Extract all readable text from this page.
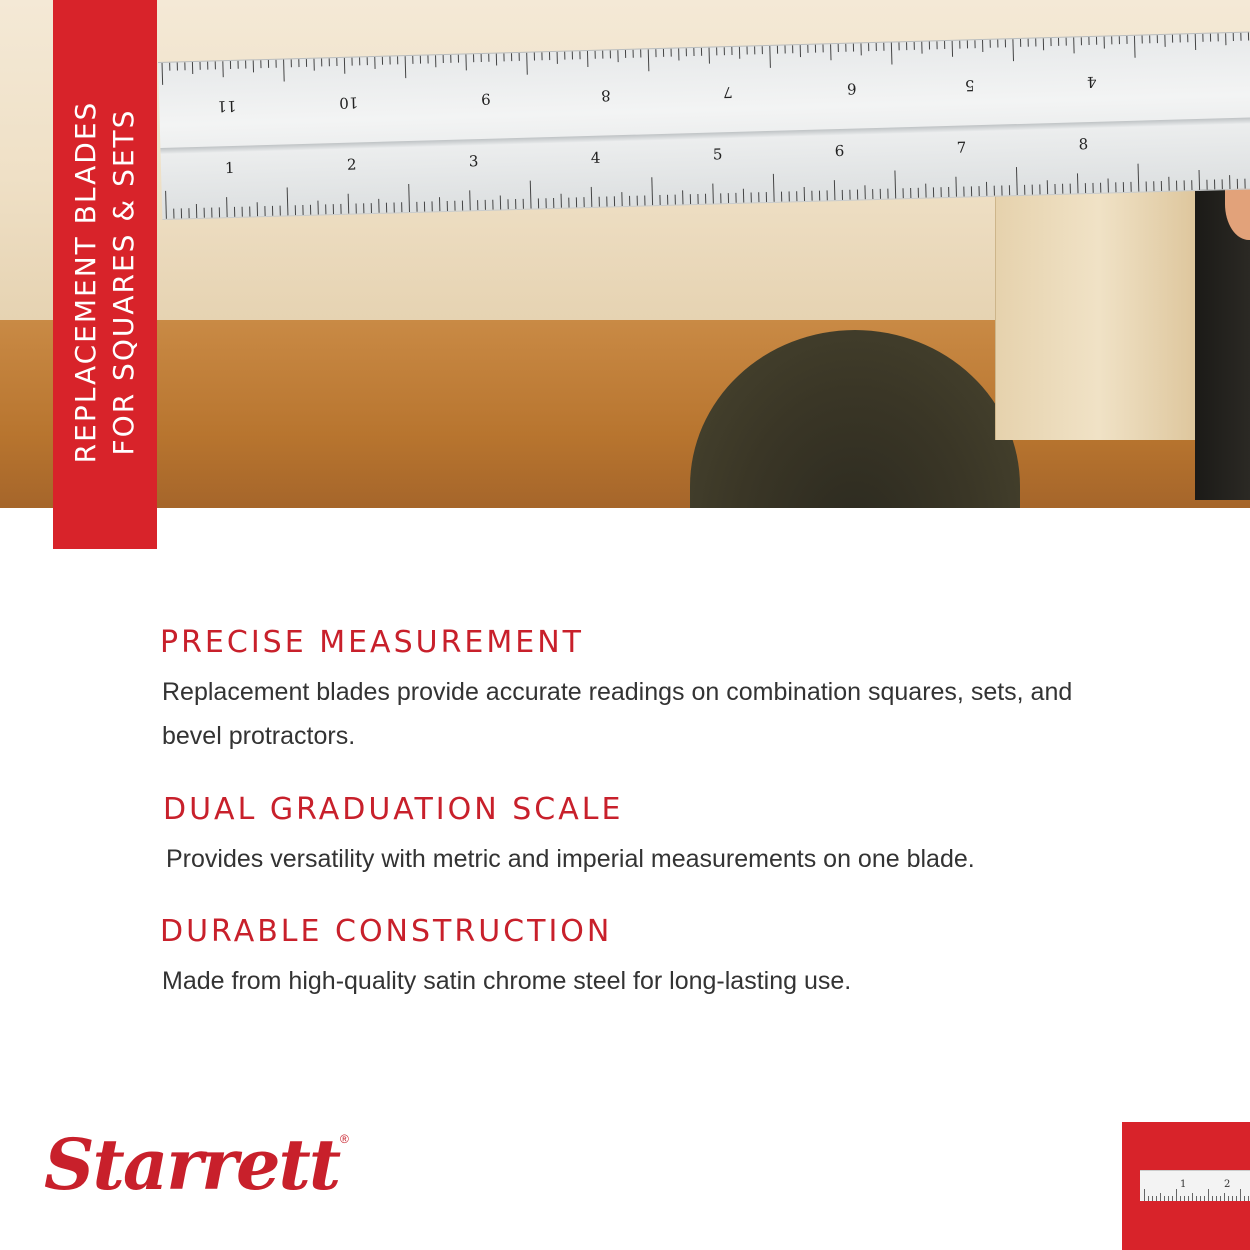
11	10	9	8	7	6	5	4
1	2	3	4	5	6	7	8
REPLACEMENT BLADES FOR SQUARES & SETS
PRECISE MEASUREMENT

Replacement blades provide accurate readings on combination squares, sets, and bevel protractors.

DUAL GRADUATION SCALE

Provides versatility with metric and imperial measurements on one blade.

DURABLE CONSTRUCTION

Made from high-quality satin chrome steel for long-lasting use.

Starrett ®
1	2
